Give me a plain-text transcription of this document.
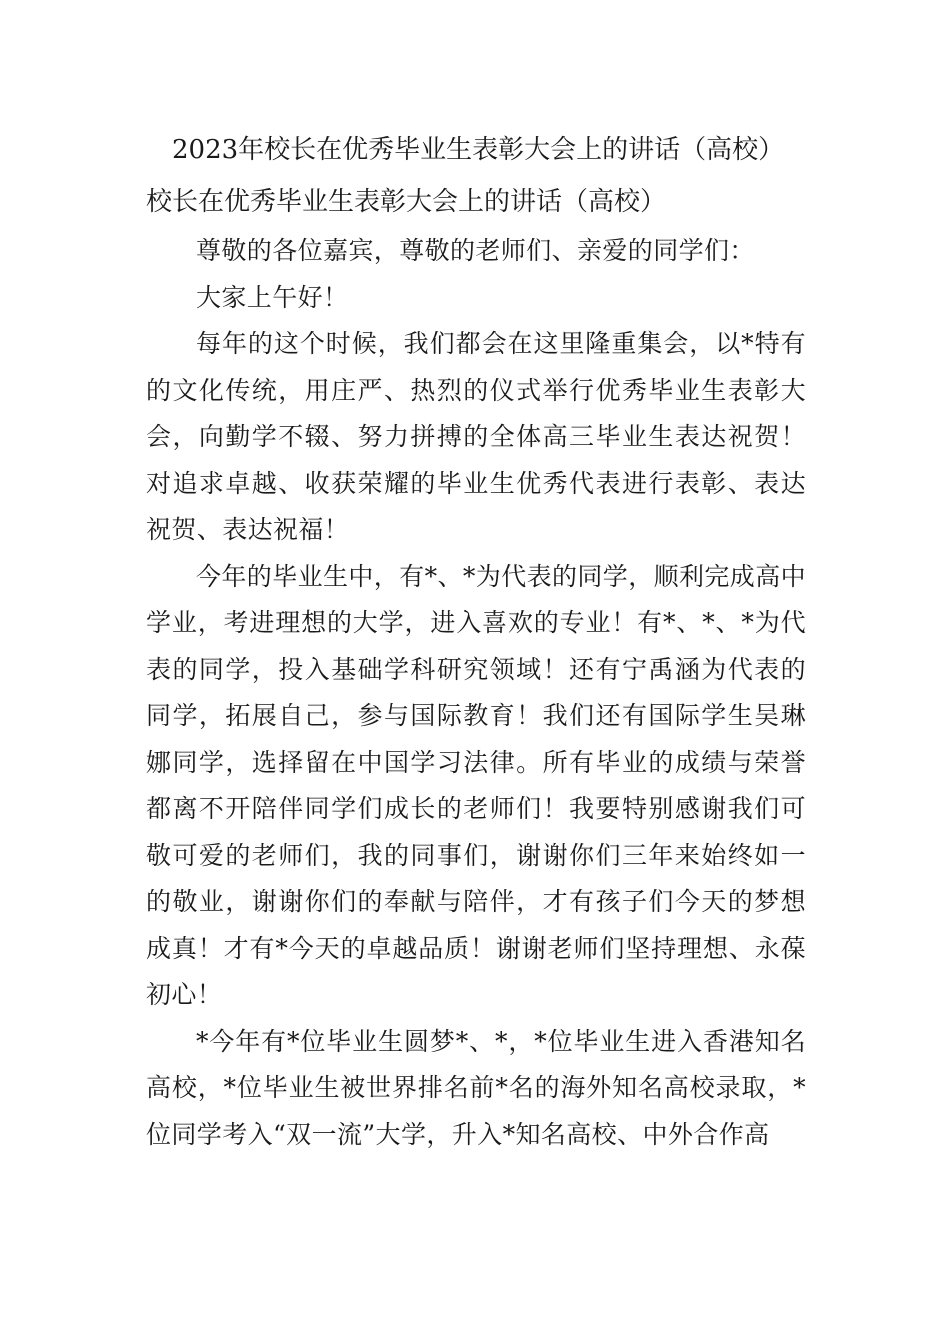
2023年校长在优秀毕业生表彰大会上的讲话（高校）
校长在优秀毕业生表彰大会上的讲话（高校）

尊敬的各位嘉宾，尊敬的老师们、亲爱的同学们：

大家上午好！

每年的这个时候，我们都会在这里隆重集会，以*特有的文化传统，用庄严、热烈的仪式举行优秀毕业生表彰大会，向勤学不辍、努力拼搏的全体高三毕业生表达祝贺！对追求卓越、收获荣耀的毕业生优秀代表进行表彰、表达祝贺、表达祝福！

今年的毕业生中，有*、*为代表的同学，顺利完成高中学业，考进理想的大学，进入喜欢的专业！有*、*、*为代表的同学，投入基础学科研究领域！还有宁禹涵为代表的同学，拓展自己，参与国际教育！我们还有国际学生吴琳娜同学，选择留在中国学习法律。所有毕业的成绩与荣誉都离不开陪伴同学们成长的老师们！我要特别感谢我们可敬可爱的老师们，我的同事们，谢谢你们三年来始终如一的敬业，谢谢你们的奉献与陪伴，才有孩子们今天的梦想成真！才有*今天的卓越品质！谢谢老师们坚持理想、永葆初心！

*今年有*位毕业生圆梦*、*，*位毕业生进入香港知名高校，*位毕业生被世界排名前*名的海外知名高校录取，*位同学考入“双一流”大学，升入*知名高校、中外合作高
